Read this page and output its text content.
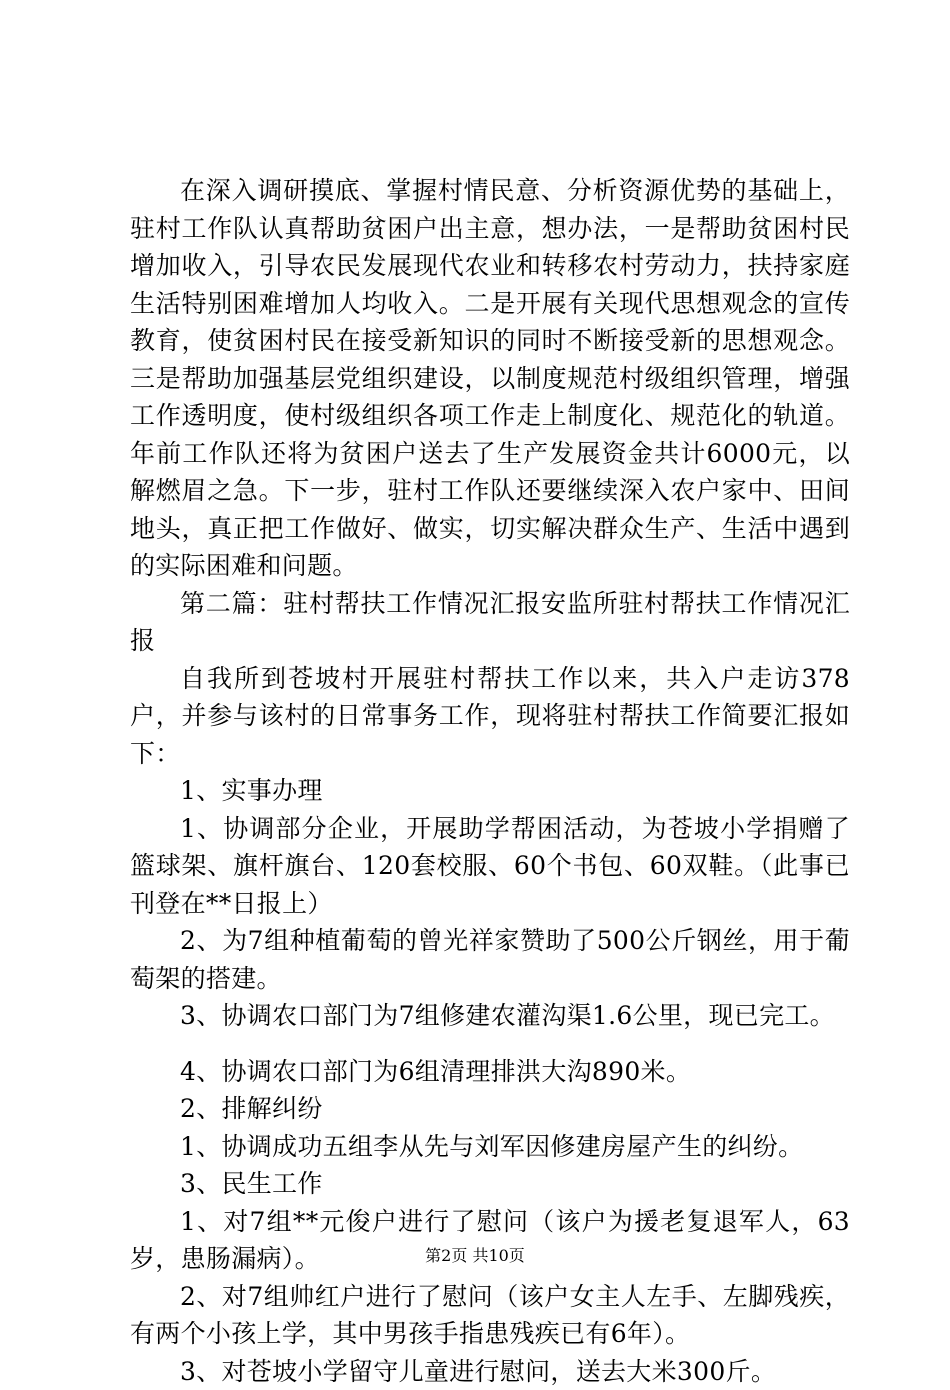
在深入调研摸底、掌握村情民意、分析资源优势的基础上，驻村工作队认真帮助贫困户出主意，想办法，一是帮助贫困村民增加收入，引导农民发展现代农业和转移农村劳动力，扶持家庭生活特别困难增加人均收入。二是开展有关现代思想观念的宣传教育，使贫困村民在接受新知识的同时不断接受新的思想观念。三是帮助加强基层党组织建设，以制度规范村级组织管理，增强工作透明度，使村级组织各项工作走上制度化、规范化的轨道。年前工作队还将为贫困户送去了生产发展资金共计6000元，以解燃眉之急。下一步，驻村工作队还要继续深入农户家中、田间地头，真正把工作做好、做实，切实解决群众生产、生活中遇到的实际困难和问题。

第二篇：驻村帮扶工作情况汇报安监所驻村帮扶工作情况汇报

自我所到苍坡村开展驻村帮扶工作以来，共入户走访378户，并参与该村的日常事务工作，现将驻村帮扶工作简要汇报如下：

1、实事办理

1、协调部分企业，开展助学帮困活动，为苍坡小学捐赠了篮球架、旗杆旗台、120套校服、60个书包、60双鞋。（此事已刊登在**日报上）

2、为7组种植葡萄的曾光祥家赞助了500公斤钢丝，用于葡萄架的搭建。

3、协调农口部门为7组修建农灌沟渠1.6公里，现已完工。

4、协调农口部门为6组清理排洪大沟890米。

2、排解纠纷

1、协调成功五组李从先与刘军因修建房屋产生的纠纷。

3、民生工作

1、对7组**元俊户进行了慰问（该户为援老复退军人，63岁，患肠漏病）。

2、对7组帅红户进行了慰问（该户女主人左手、左脚残疾，有两个小孩上学，其中男孩手指患残疾已有6年）。

3、对苍坡小学留守儿童进行慰问，送去大米300斤。

第2页 共10页
